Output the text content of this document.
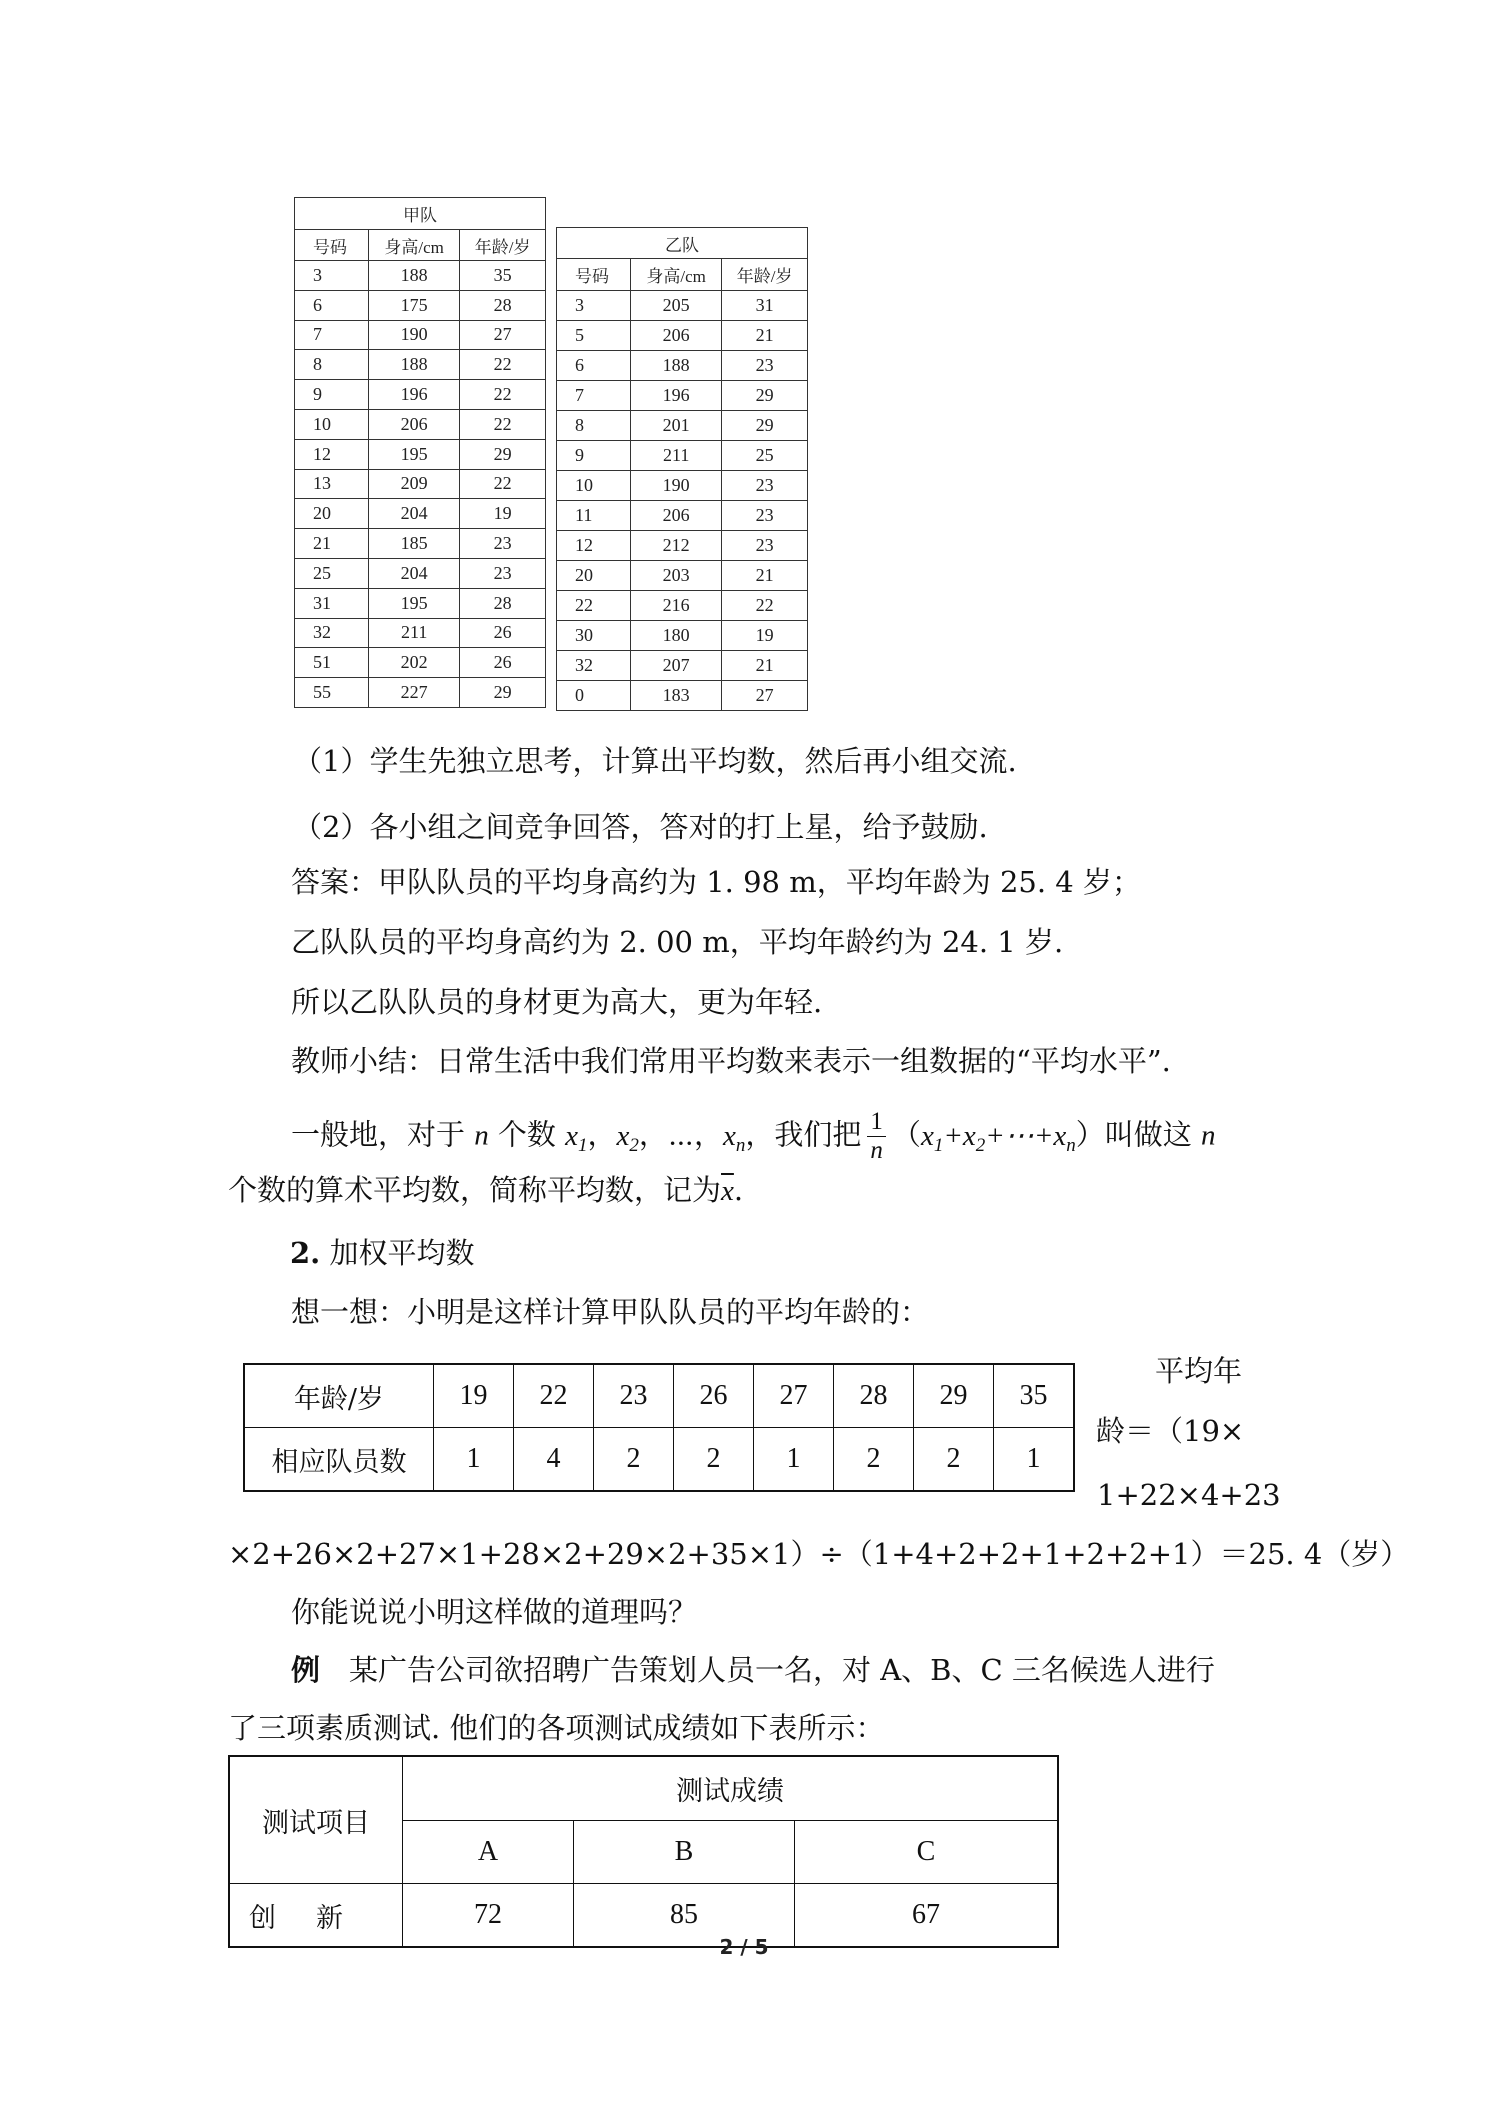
甲队		
号码	身高/cm	年龄/岁
3	188	35
6	175	28
7	190	27
8	188	22
9	196	22
10	206	22
12	195	29
13	209	22
20	204	19
21	185	23
25	204	23
31	195	28
32	211	26
51	202	26
55	227	29
乙队		
号码	身高/cm	年龄/岁
3	205	31
5	206	21
6	188	23
7	196	29
8	201	29
9	211	25
10	190	23
11	206	23
12	212	23
20	203	21
22	216	22
30	180	19
32	207	21
0	183	27
（1）学生先独立思考，计算出平均数，然后再小组交流.
（2）各小组之间竞争回答，答对的打上星，给予鼓励.
答案：甲队队员的平均身高约为 1. 98 m，平均年龄为 25. 4 岁；
乙队队员的平均身高约为 2. 00 m，平均年龄约为 24. 1 岁.
所以乙队队员的身材更为高大，更为年轻.
教师小结：日常生活中我们常用平均数来表示一组数据的“平均水平”.
一般地，对于 n 个数 $x_1$，$x_2$，⋯，$x_n$，我们把 $\frac{1}{n}$ $(x_1+x_2+\cdots+x_n)$叫做这 n
个数的算术平均数，简称平均数，记为$\overline{x}$.
2. 加权平均数
想一想：小明是这样计算甲队队员的平均年龄的：
年龄/岁	19	22	23	26	27	28	29	35
相应队员数	1	4	2	2	1	2	2	1
平均年
龄＝（19×
1+22×4+23
×2+26×2+27×1+28×2+29×2+35×1）÷（1+4+2+2+1+2+2+1）＝25. 4（岁）
你能说说小明这样做的道理吗？
例　某广告公司欲招聘广告策划人员一名，对 A、B、C 三名候选人进行
了三项素质测试. 他们的各项测试成绩如下表所示：
测试项目	测试成绩		
	A	B	C
创新	72	85	67
2 / 5
